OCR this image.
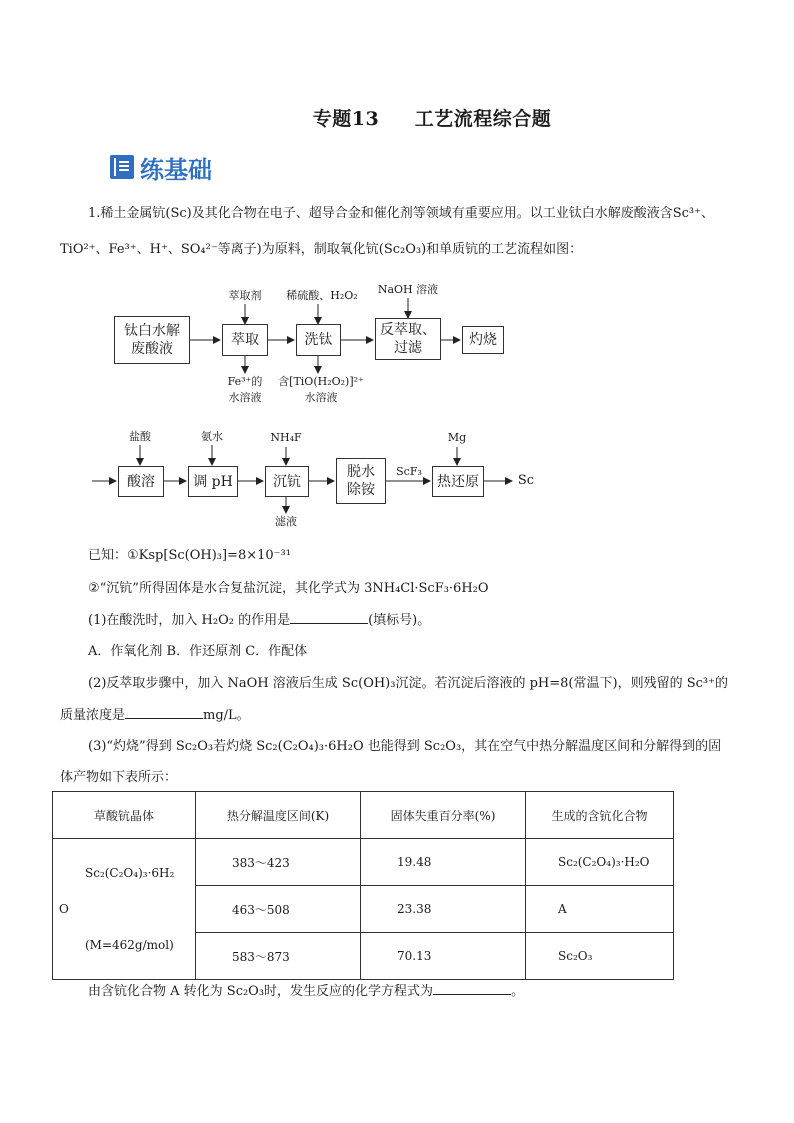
专题13 工艺流程综合题
练基础
1.稀土金属钪(Sc)及其化合物在电子、超导合金和催化剂等领域有重要应用。以工业钛白水解废酸液含Sc³⁺、
TiO²⁺、Fe³⁺、H⁺、SO₄²⁻等离子)为原料，制取氧化钪(Sc₂O₃)和单质钪的工艺流程如图：
钛白水解
废酸液
萃取	洗钛
反萃取、
过滤	灼烧
萃取剂	稀硫酸、H₂O₂	NaOH 溶液
Fe³⁺的
水溶液
含[TiO(H₂O₂)]²⁺
水溶液
酸溶	调 pH	沉钪
脱水
除铵
热还原
盐酸	氨水	NH₄F	Mg
ScF₃
Sc
滤液
已知：①Ksp[Sc(OH)₃]=8×10⁻³¹
②“沉钪”所得固体是水合复盐沉淀，其化学式为 3NH₄Cl·ScF₃·6H₂O
(1)在酸洗时，加入 H₂O₂ 的作用是	(填标号)。
A．作氧化剂 B．作还原剂 C．作配体
(2)反萃取步骤中，加入 NaOH 溶液后生成 Sc(OH)₃沉淀。若沉淀后溶液的 pH=8(常温下)，则残留的 Sc³⁺的
质量浓度是	mg/L。
(3)“灼烧”得到 Sc₂O₃若灼烧 Sc₂(C₂O₄)₃·6H₂O 也能得到 Sc₂O₃，其在空气中热分解温度区间和分解得到的固
体产物如下表所示：
草酸钪晶体	热分解温度区间(K)	固体失重百分率(%)	生成的含钪化合物

Sc₂(C₂O₄)₃·6H₂
O
(M=462g/mol)	383～423	19.48	Sc₂(C₂O₄)₃·H₂O
	463～508	23.38	A
	583～873	70.13	Sc₂O₃
由含钪化合物 A 转化为 Sc₂O₃时，发生反应的化学方程式为	。
